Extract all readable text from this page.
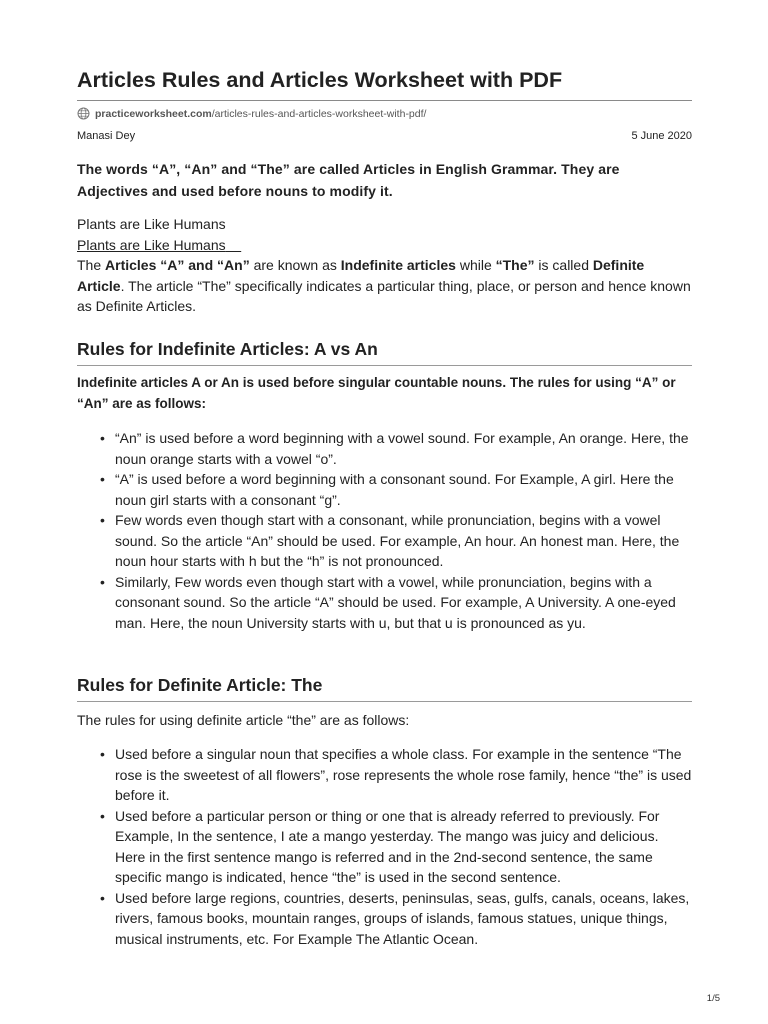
Articles Rules and Articles Worksheet with PDF
practiceworksheet.com /articles-rules-and-articles-worksheet-with-pdf/
Manasi Dey	5 June 2020

The words “A”, “An” and “The” are called Articles in English Grammar. They are Adjectives and used before nouns to modify it.

Plants are Like Humans

Plants are Like Humans

The Articles “A” and “An” are known as Indefinite articles while “The” is called Definite Article. The article “The” specifically indicates a particular thing, place, or person and hence known as Definite Articles.

Rules for Indefinite Articles: A vs An

Indefinite articles A or An is used before singular countable nouns. The rules for using “A” or “An” are as follows:

• “An” is used before a word beginning with a vowel sound. For example, An orange. Here, the noun orange starts with a vowel “o”.
• “A” is used before a word beginning with a consonant sound. For Example, A girl. Here the noun girl starts with a consonant “g”.
• Few words even though start with a consonant, while pronunciation, begins with a vowel sound. So the article “An” should be used. For example, An hour. An honest man. Here, the noun hour starts with h but the “h” is not pronounced.
• Similarly, Few words even though start with a vowel, while pronunciation, begins with a consonant sound. So the article “A” should be used. For example, A University. A one-eyed man. Here, the noun University starts with u, but that u is pronounced as yu.
Rules for Definite Article: The

The rules for using definite article “the” are as follows:

• Used before a singular noun that specifies a whole class. For example in the sentence “The rose is the sweetest of all flowers”, rose represents the whole rose family, hence “the” is used before it.
• Used before a particular person or thing or one that is already referred to previously. For Example, In the sentence, I ate a mango yesterday. The mango was juicy and delicious. Here in the first sentence mango is referred and in the 2nd-second sentence, the same specific mango is indicated, hence “the” is used in the second sentence.
• Used before large regions, countries, deserts, peninsulas, seas, gulfs, canals, oceans, lakes, rivers, famous books, mountain ranges, groups of islands, famous statues, unique things, musical instruments, etc. For Example The Atlantic Ocean.
1/5
